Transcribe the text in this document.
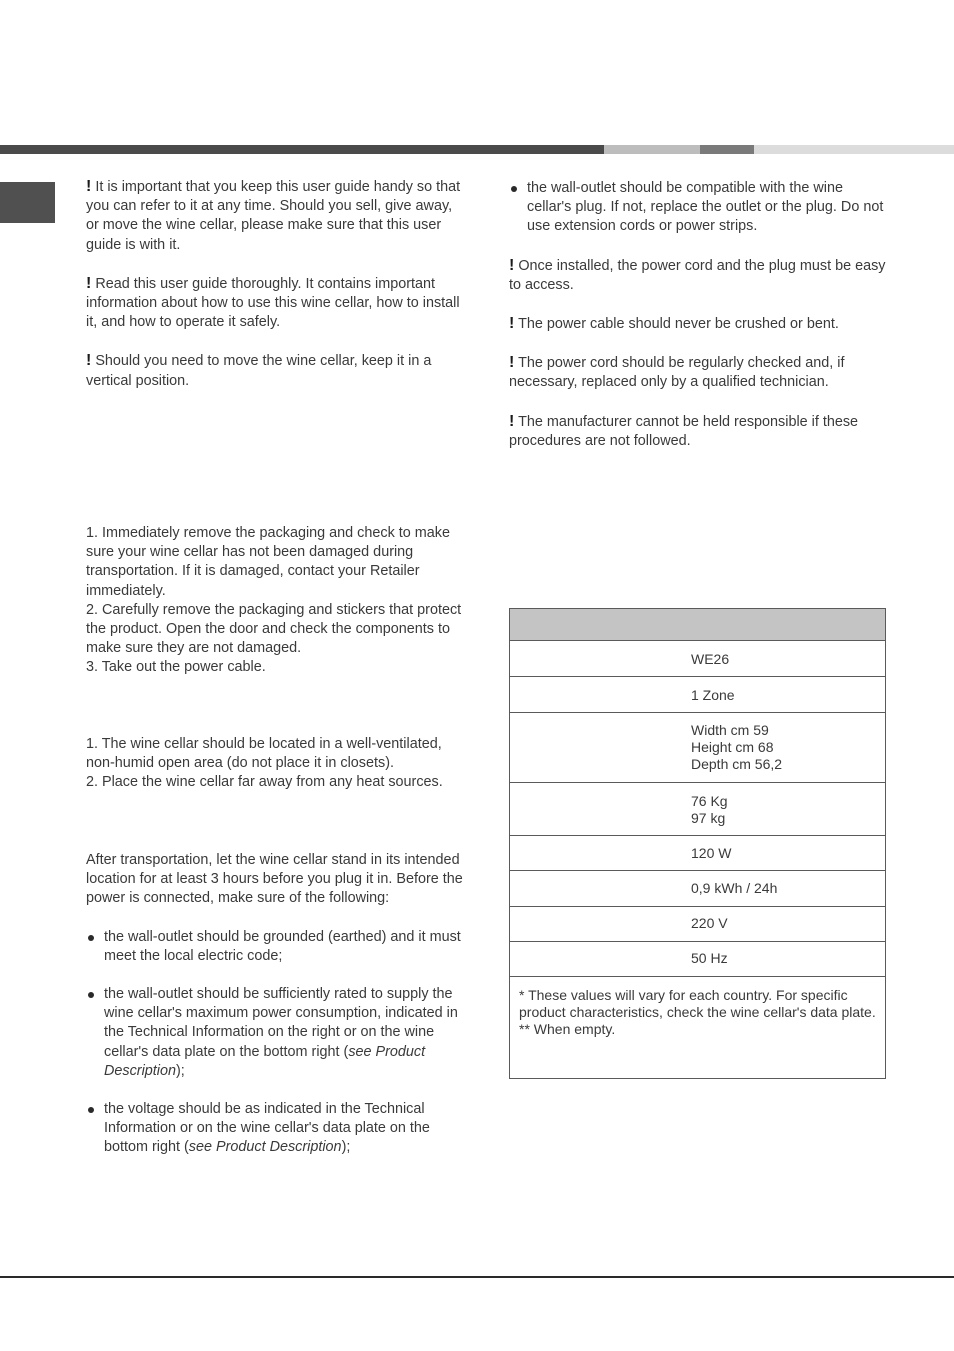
! It is important that you keep this user guide handy so that you can refer to it at any time. Should you sell, give away, or move the wine cellar, please make sure that this user guide is with it.

! Read this user guide thoroughly. It contains important information about how to use this wine cellar, how to install it, and how to operate it safely.

! Should you need to move the wine cellar, keep it in a vertical position.

1. Immediately remove the packaging and check to make sure your wine cellar has not been damaged during transportation. If it is damaged, contact your Retailer immediately.

2. Carefully remove the packaging and stickers that protect the product. Open the door and check the components to make sure they are not damaged.

3. Take out the power cable.

1. The wine cellar should be located in a well-ventilated, non-humid open area (do not place it in closets).

2. Place the wine cellar far away from any heat sources.

After transportation, let the wine cellar stand in its intended location for at least 3 hours before you plug it in. Before the power is connected, make sure of the following:

the wall-outlet should be grounded (earthed) and it must meet the local electric code;

the wall-outlet should be sufficiently rated to supply the wine cellar's maximum power consumption, indicated in the Technical Information on the right or on the wine cellar's data plate on the bottom right (see Product Description);

the voltage should be as indicated in the Technical Information or on the wine cellar's data plate on the bottom right (see Product Description);

the wall-outlet should be compatible with the wine cellar's plug. If not, replace the outlet or the plug. Do not use extension cords or power strips.

! Once installed, the power cord and the plug must be easy to access.

! The power cable should never be crushed or bent.

! The power cord should be regularly checked and, if necessary, replaced only by a qualified technician.

! The manufacturer cannot be held responsible if these procedures are not followed.

WE26
1 Zone
Width cm 59
Height cm 68
Depth cm 56,2
76 Kg
97 kg
120 W
0,9 kWh / 24h
220 V
50 Hz
* These values will vary for each country. For specific product characteristics, check the wine cellar's data plate.
** When empty.
